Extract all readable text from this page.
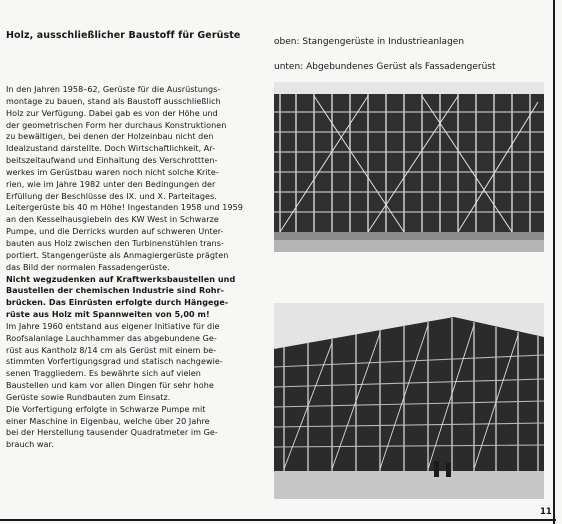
Holz, ausschließlicher Baustoff für Gerüste
oben: Stangengerüste in Industrieanlagen
unten: Abgebundenes Gerüst als Fassadengerüst

In den Jahren 1958–62, Gerüste für die Ausrüstungs-
montage zu bauen, stand als Baustoff ausschließlich
Holz zur Verfügung. Dabei gab es von der Höhe und
der geometrischen Form her durchaus Konstruktionen
zu bewältigen, bei denen der Holzeinbau nicht den
Idealzustand darstellte. Doch Wirtschaftlichkeit, Ar-
beitszeitaufwand und Einhaltung des Verschrottten-
werkes im Gerüstbau waren noch nicht solche Krite-
rien, wie im Jahre 1982 unter den Bedingungen der
Erfüllung der Beschlüsse des IX. und X. Parteitages.
Leitergerüste bis 40 m Höhe! Ingestanden 1958 und 1959
an den Kesselhausgiebeln des KW West in Schwarze
Pumpe, und die Derricks wurden auf schweren Unter-
bauten aus Holz zwischen den Turbinenstühlen trans-
portiert. Stangengerüste als Anmagiergerüste prägten
das Bild der normalen Fassadengerüste.

Nicht wegzudenken auf Kraftwerksbaustellen und
Baustellen der chemischen Industrie sind Rohr-
brücken. Das Einrüsten erfolgte durch Hängege-
rüste aus Holz mit Spannweiten von 5,00 m!

Im Jahre 1960 entstand aus eigener Initiative für die
Roofsalanlage Lauchhammer das abgebundene Ge-
rüst aus Kantholz 8/14 cm als Gerüst mit einem be-
stimmten Vorfertigungsgrad und statisch nachgewie-
senen Traggliedern. Es bewährte sich auf vielen
Baustellen und kam vor allen Dingen für sehr hohe
Gerüste sowie Rundbauten zum Einsatz.

Die Vorfertigung erfolgte in Schwarze Pumpe mit
einer Maschine in Eigenbau, welche über 20 Jahre
bei der Herstellung tausender Quadratmeter im Ge-
brauch war.

11
